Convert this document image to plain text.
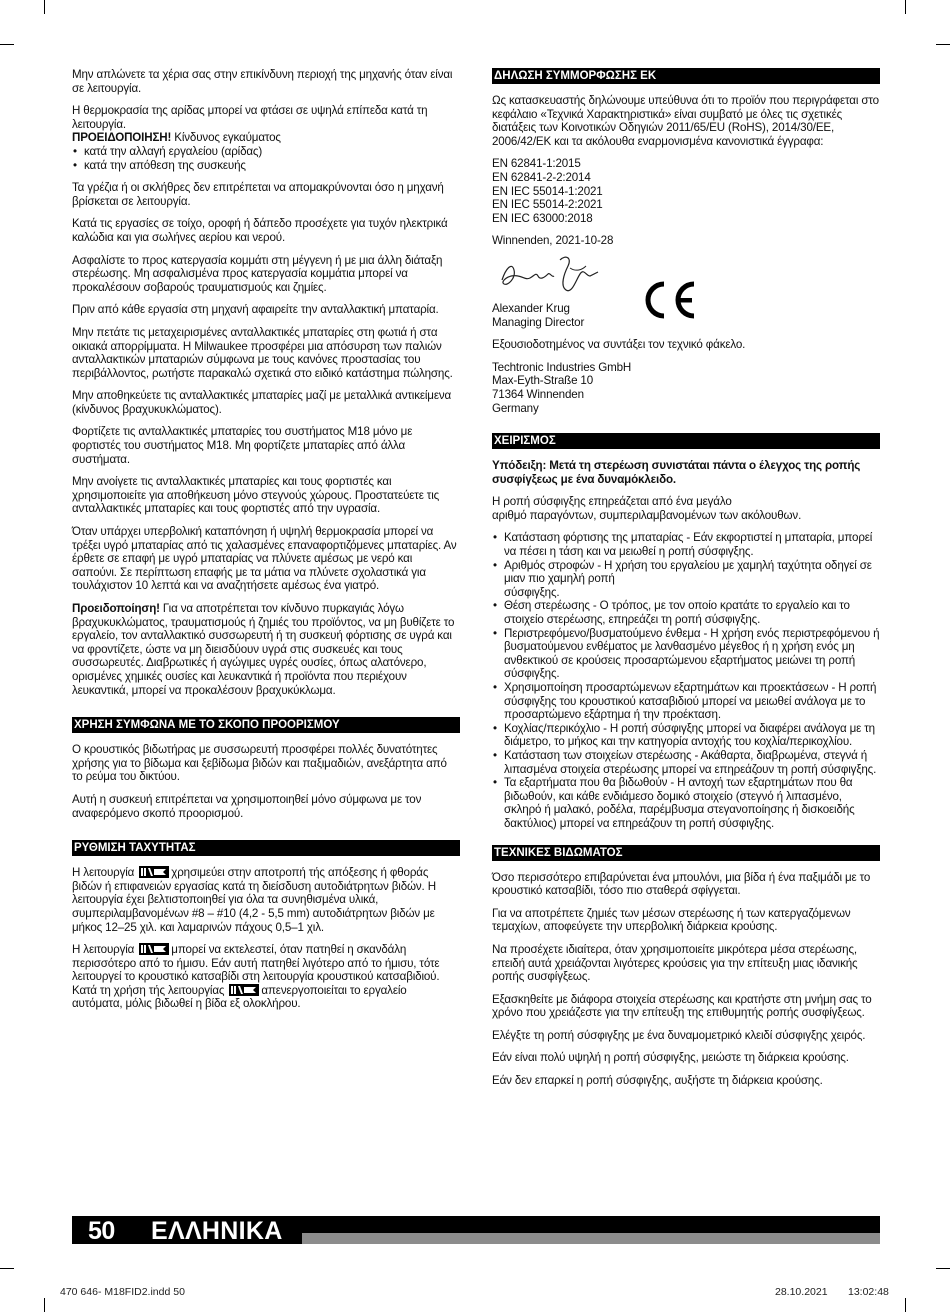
Μην απλώνετε τα χέρια σας στην επικίνδυνη περιοχή της μηχανής όταν είναι σε λειτουργία.

Η θερμοκρασία της αρίδας μπορεί να φτάσει σε υψηλά επίπεδα κατά τη λειτουργία.

ΠΡΟΕΙΔΟΠΟΙΗΣΗ! Κίνδυνος εγκαύματος
• κατά την αλλαγή εργαλείου (αρίδας)
• κατά την απόθεση της συσκευής

Τα γρέζια ή οι σκλήθρες δεν επιτρέπεται να απομακρύνονται όσο η μηχανή βρίσκεται σε λειτουργία.

Κατά τις εργασίες σε τοίχο, οροφή ή δάπεδο προσέχετε για τυχόν ηλεκτρικά καλώδια και για σωλήνες αερίου και νερού.

Ασφαλίστε το προς κατεργασία κομμάτι στη μέγγενη ή με μια άλλη διάταξη στερέωσης. Μη ασφαλισμένα προς κατεργασία κομμάτια μπορεί να προκαλέσουν σοβαρούς τραυματισμούς και ζημίες.

Πριν από κάθε εργασία στη μηχανή αφαιρείτε την ανταλλακτική μπαταρία.

Μην πετάτε τις μεταχειρισμένες ανταλλακτικές μπαταρίες στη φωτιά ή στα οικιακά απορρίμματα. Η Milwaukee προσφέρει μια απόσυρση των παλιών ανταλλακτικών μπαταριών σύμφωνα με τους κανόνες προστασίας του περιβάλλοντος, ρωτήστε παρακαλώ σχετικά στο ειδικό κατάστημα πώλησης.

Μην αποθηκεύετε τις ανταλλακτικές μπαταρίες μαζί με μεταλλικά αντικείμενα (κίνδυνος βραχυκυκλώματος).

Φορτίζετε τις ανταλλακτικές μπαταρίες του συστήματος M18 μόνο με φορτιστές του συστήματος M18. Μη φορτίζετε μπαταρίες από άλλα συστήματα.

Μην ανοίγετε τις ανταλλακτικές μπαταρίες και τους φορτιστές και χρησιμοποιείτε για αποθήκευση μόνο στεγνούς χώρους. Προστατεύετε τις ανταλλακτικές μπαταρίες και τους φορτιστές από την υγρασία.

Όταν υπάρχει υπερβολική καταπόνηση ή υψηλή θερμοκρασία μπορεί να τρέξει υγρό μπαταρίας από τις χαλασμένες επαναφορτιζόμενες μπαταρίες. Αν έρθετε σε επαφή με υγρό μπαταρίας να πλύνετε αμέσως με νερό και σαπούνι. Σε περίπτωση επαφής με τα μάτια να πλύνετε σχολαστικά για τουλάχιστον 10 λεπτά και να αναζητήσετε αμέσως ένα γιατρό.

Προειδοποίηση! Για να αποτρέπεται τον κίνδυνο πυρκαγιάς λόγω βραχυκυκλώματος, τραυματισμούς ή ζημιές του προϊόντος, να μη βυθίζετε το εργαλείο, τον ανταλλακτικό συσσωρευτή ή τη συσκευή φόρτισης σε υγρά και να φροντίζετε, ώστε να μη διεισδύουν υγρά στις συσκευές και τους συσσωρευτές. Διαβρωτικές ή αγώγιμες υγρές ουσίες, όπως αλατόνερο, ορισμένες χημικές ουσίες και λευκαντικά ή προϊόντα που περιέχουν λευκαντικά, μπορεί να προκαλέσουν βραχυκύκλωμα.

ΧΡΗΣΗ ΣΥΜΦΩΝΑ ΜΕ ΤΟ ΣΚΟΠΟ ΠΡΟΟΡΙΣΜΟΥ

Ο κρουστικός βιδωτήρας με συσσωρευτή προσφέρει πολλές δυνατότητες χρήσης για το βίδωμα και ξεβίδωμα βιδών και παξιμαδιών, ανεξάρτητα από το ρεύμα του δικτύου.

Αυτή η συσκευή επιτρέπεται να χρησιμοποιηθεί μόνο σύμφωνα με τον αναφερόμενο σκοπό προορισμού.

ΡΥΘΜΙΣΗ ΤΑΧΥΤΗΤΑΣ

Η λειτουργία	χρησιμεύει στην αποτροπή τής απόξεσης ή φθοράς βιδών ή επιφανειών εργασίας κατά τη διείσδυση αυτοδιάτρητων βιδών. Η λειτουργία έχει βελτιστοποιηθεί για όλα τα συνηθισμένα υλικά, συμπεριλαμβανομένων #8 – #10 (4,2 - 5,5 mm) αυτοδιάτρητων βιδών με μήκος 12–25 χιλ. και λαμαρινών πάχους 0,5–1 χιλ.

Η λειτουργία	μπορεί να εκτελεστεί, όταν πατηθεί η σκανδάλη περισσότερο από το ήμισυ. Εάν αυτή πατηθεί λιγότερο από το ήμισυ, τότε λειτουργεί το κρουστικό κατσαβίδι στη λειτουργία κρουστικού κατσαβιδιού. Κατά τη χρήση τής λειτουργίας	απενεργοποιείται το εργαλείο αυτόματα, μόλις βιδωθεί η βίδα εξ ολοκλήρου.

ΔΗΛΩΣΗ ΣΥΜΜΟΡΦΩΣΗΣ ΕΚ

Ως κατασκευαστής δηλώνουμε υπεύθυνα ότι το προϊόν που περιγράφεται στο κεφάλαιο «Τεχνικά Χαρακτηριστικά» είναι συμβατό με όλες τις σχετικές διατάξεις των Κοινοτικών Οδηγιών 2011/65/EU (RoHS), 2014/30/EE, 2006/42/EK και τα ακόλουθα εναρμονισμένα κανονιστικά έγγραφα:

EN 62841-1:2015
EN 62841-2-2:2014
EN IEC 55014-1:2021
EN IEC 55014-2:2021
EN IEC 63000:2018

Winnenden, 2021-10-28

Alexander Krug
Managing Director

Εξουσιοδοτημένος να συντάξει τον τεχνικό φάκελο.

Techtronic Industries GmbH
Max-Eyth-Straße 10
71364 Winnenden
Germany

ΧΕΙΡΙΣΜΟΣ

Υπόδειξη: Μετά τη στερέωση συνιστάται πάντα ο έλεγχος της ροπής συσφίγξεως με ένα δυναμόκλειδο.

Η ροπή σύσφιγξης επηρεάζεται από ένα μεγάλο
αριθμό παραγόντων, συμπεριλαμβανομένων των ακόλουθων.

• Κατάσταση φόρτισης της μπαταρίας - Εάν εκφορτιστεί η μπαταρία, μπορεί να πέσει η τάση και να μειωθεί η ροπή σύσφιγξης.
• Αριθμός στροφών - Η χρήση του εργαλείου με χαμηλή ταχύτητα οδηγεί σε μιαν πιο χαμηλή ροπή
σύσφιγξης.
• Θέση στερέωσης - Ο τρόπος, με τον οποίο κρατάτε το εργαλείο και το στοιχείο στερέωσης, επηρεάζει τη ροπή σύσφιγξης.
• Περιστρεφόμενο/βυσματούμενο ένθεμα - Η χρήση ενός περιστρεφόμενου ή βυσματούμενου ενθέματος με λανθασμένο μέγεθος ή η χρήση ενός μη ανθεκτικού σε κρούσεις προσαρτώμενου εξαρτήματος μειώνει τη ροπή σύσφιγξης.
• Χρησιμοποίηση προσαρτώμενων εξαρτημάτων και προεκτάσεων - Η ροπή σύσφιγξης του κρουστικού κατσαβιδιού μπορεί να μειωθεί ανάλογα με το προσαρτώμενο εξάρτημα ή την προέκταση.
• Κοχλίας/περικόχλιο - Η ροπή σύσφιγξης μπορεί να διαφέρει ανάλογα με τη διάμετρο, το μήκος και την κατηγορία αντοχής του κοχλία/περικοχλίου.
• Κατάσταση των στοιχείων στερέωσης - Ακάθαρτα, διαβρωμένα, στεγνά ή λιπασμένα στοιχεία στερέωσης μπορεί να επηρεάζουν τη ροπή σύσφιγξης.
• Τα εξαρτήματα που θα βιδωθούν - Η αντοχή των εξαρτημάτων που θα βιδωθούν, και κάθε ενδιάμεσο δομικό στοιχείο (στεγνό ή λιπασμένο, σκληρό ή μαλακό, ροδέλα, παρέμβυσμα στεγανοποίησης ή δισκοειδής δακτύλιος) μπορεί να επηρεάζουν τη ροπή σύσφιγξης.
ΤΕΧΝΙΚΕΣ ΒΙΔΩΜΑΤΟΣ

Όσο περισσότερο επιβαρύνεται ένα μπουλόνι, μια βίδα ή ένα παξιμάδι με το κρουστικό κατσαβίδι, τόσο πιο σταθερά σφίγγεται.

Για να αποτρέπετε ζημιές των μέσων στερέωσης ή των κατεργαζόμενων τεμαχίων, αποφεύγετε την υπερβολική διάρκεια κρούσης.

Να προσέχετε ιδιαίτερα, όταν χρησιμοποιείτε μικρότερα μέσα στερέωσης, επειδή αυτά χρειάζονται λιγότερες κρούσεις για την επίτευξη μιας ιδανικής ροπής συσφίγξεως.

Εξασκηθείτε με διάφορα στοιχεία στερέωσης και κρατήστε στη μνήμη σας το χρόνο που χρειάζεστε για την επίτευξη της επιθυμητής ροπής συσφίγξεως.

Ελέγξτε τη ροπή σύσφιγξης με ένα δυναμομετρικό κλειδί σύσφιγξης χειρός.

Εάν είναι πολύ υψηλή η ροπή σύσφιγξης, μειώστε τη διάρκεια κρούσης.

Εάν δεν επαρκεί η ροπή σύσφιγξης, αυξήστε τη διάρκεια κρούσης.

50 ΕΛΛΗΝΙΚΑ
470 646- M18FID2.indd 50	28.10.2021 13:02:48
